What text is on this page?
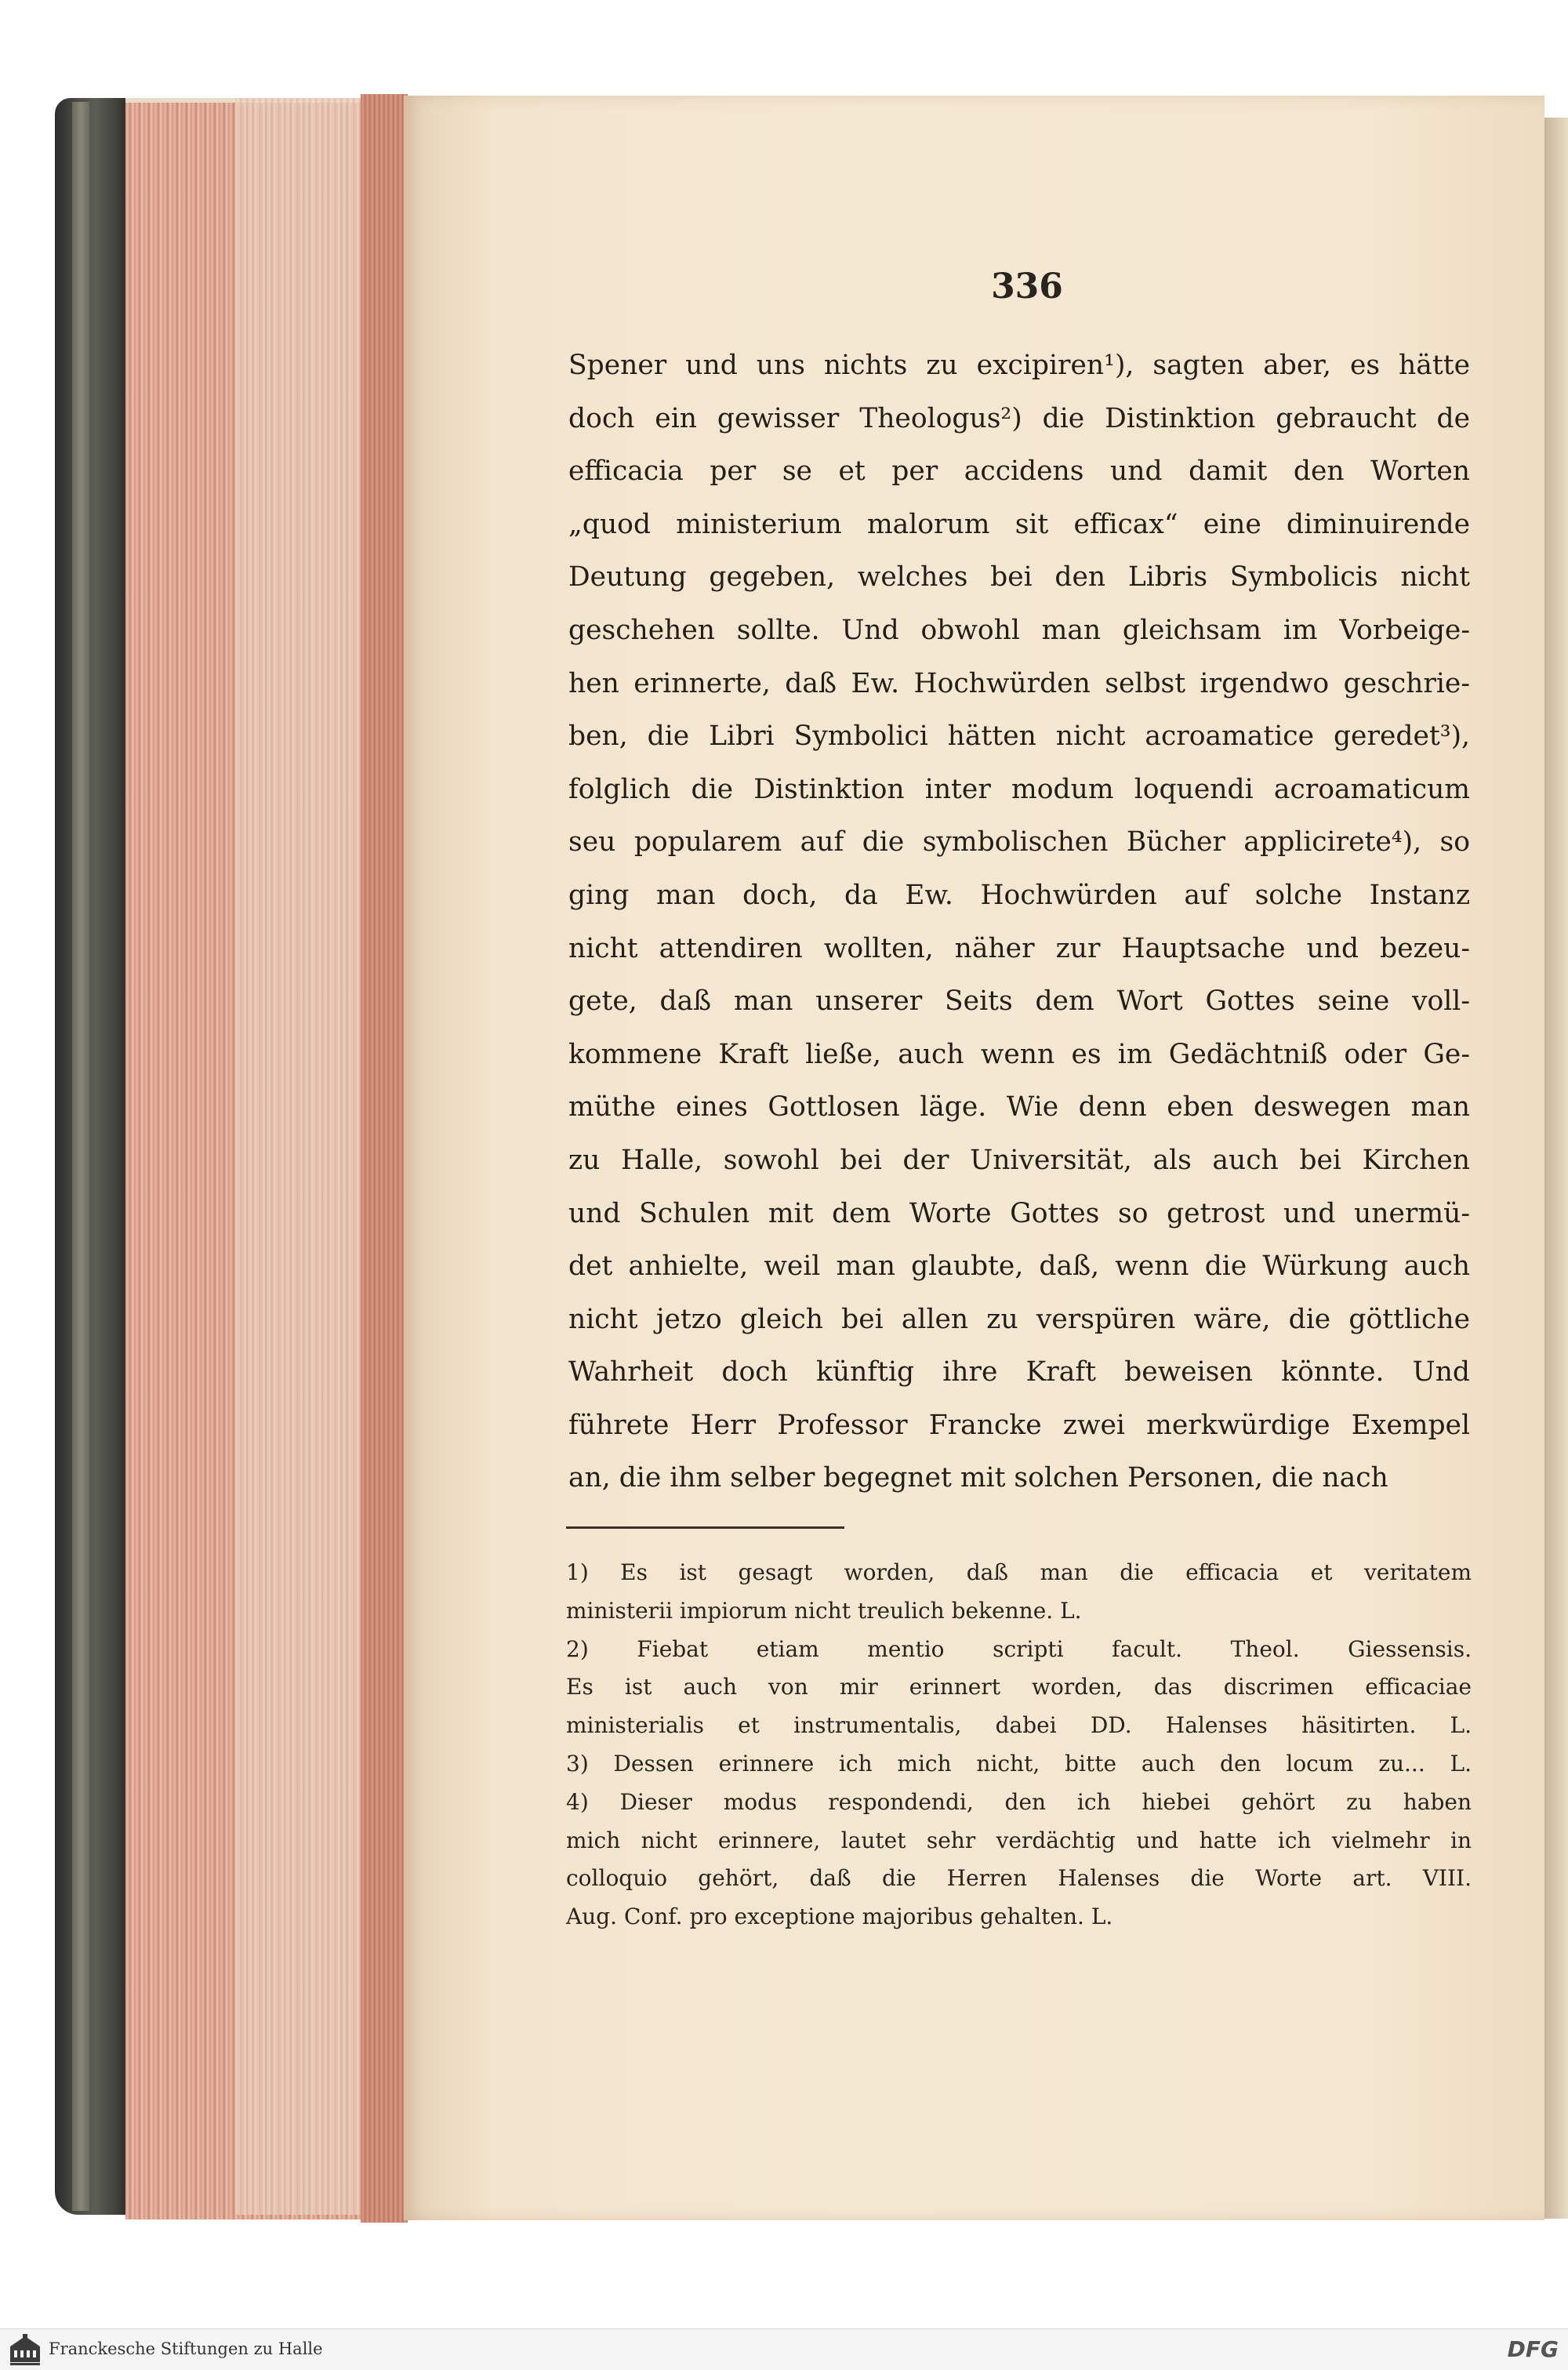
336
Spener und uns nichts zu excipiren¹), sagten aber, es hätte
doch ein gewisser Theologus²) die Distinktion gebraucht de
efficacia per se et per accidens und damit den Worten
„quod ministerium malorum sit efficax“ eine diminuirende
Deutung gegeben, welches bei den Libris Symbolicis nicht
geschehen sollte. Und obwohl man gleichsam im Vorbeige-
hen erinnerte, daß Ew. Hochwürden selbst irgendwo geschrie-
ben, die Libri Symbolici hätten nicht acroamatice geredet³),
folglich die Distinktion inter modum loquendi acroamaticum
seu popularem auf die symbolischen Bücher applicirete⁴), so
ging man doch, da Ew. Hochwürden auf solche Instanz
nicht attendiren wollten, näher zur Hauptsache und bezeu-
gete, daß man unserer Seits dem Wort Gottes seine voll-
kommene Kraft ließe, auch wenn es im Gedächtniß oder Ge-
müthe eines Gottlosen läge. Wie denn eben deswegen man
zu Halle, sowohl bei der Universität, als auch bei Kirchen
und Schulen mit dem Worte Gottes so getrost und unermü-
det anhielte, weil man glaubte, daß, wenn die Würkung auch
nicht jetzo gleich bei allen zu verspüren wäre, die göttliche
Wahrheit doch künftig ihre Kraft beweisen könnte. Und
führete Herr Professor Francke zwei merkwürdige Exempel
an, die ihm selber begegnet mit solchen Personen, die nach
1) Es ist gesagt worden, daß man die efficacia et veritatem
ministerii impiorum nicht treulich bekenne. L.
2) Fiebat etiam mentio scripti facult. Theol. Giessensis.
Es ist auch von mir erinnert worden, das discrimen efficaciae
ministerialis et instrumentalis, dabei DD. Halenses häsitirten. L.
3) Dessen erinnere ich mich nicht, bitte auch den locum zu... L.
4) Dieser modus respondendi, den ich hiebei gehört zu haben
mich nicht erinnere, lautet sehr verdächtig und hatte ich vielmehr in
colloquio gehört, daß die Herren Halenses die Worte art. VIII.
Aug. Conf. pro exceptione majoribus gehalten. L.
Franckesche Stiftungen zu Halle	DFG
